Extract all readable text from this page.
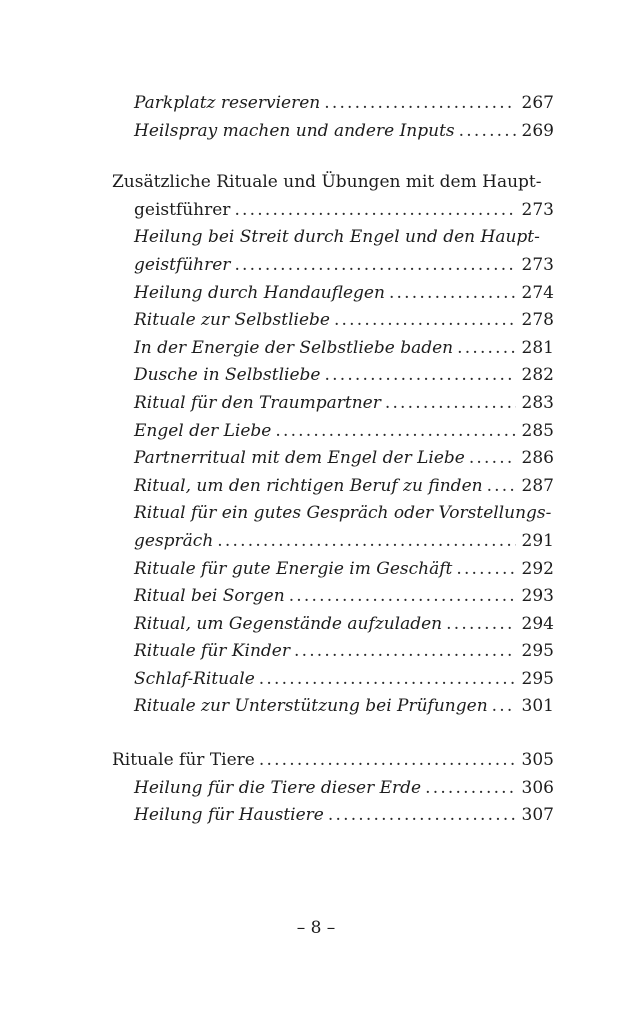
Parkplatz reservieren . . .	267
Heilspray machen und andere Inputs . . .	269
Zusätzliche Rituale und Übungen mit dem Haupt-
geistführer . . .	273
Heilung bei Streit durch Engel und den Haupt-
geistführer . . .	273
Heilung durch Handauflegen . . .	274
Rituale zur Selbstliebe . . .	278
In der Energie der Selbstliebe baden . . .	281
Dusche in Selbstliebe . . .	282
Ritual für den Traumpartner . . .	283
Engel der Liebe . . .	285
Partnerritual mit dem Engel der Liebe . . .	286
Ritual, um den richtigen Beruf zu finden . . . 287
Ritual für ein gutes Gespräch oder Vorstellungs-
gespräch . . .	291
Rituale für gute Energie im Geschäft . . .	292
Ritual bei Sorgen . . .	293
Ritual, um Gegenstände aufzuladen . . .	294
Rituale für Kinder . . .	295
Schlaf-Rituale . . .	295
Rituale zur Unterstützung bei Prüfungen . . . 301
Rituale für Tiere . . .	305
Heilung für die Tiere dieser Erde . . .	306
Heilung für Haustiere . . .	307
– 8 –
